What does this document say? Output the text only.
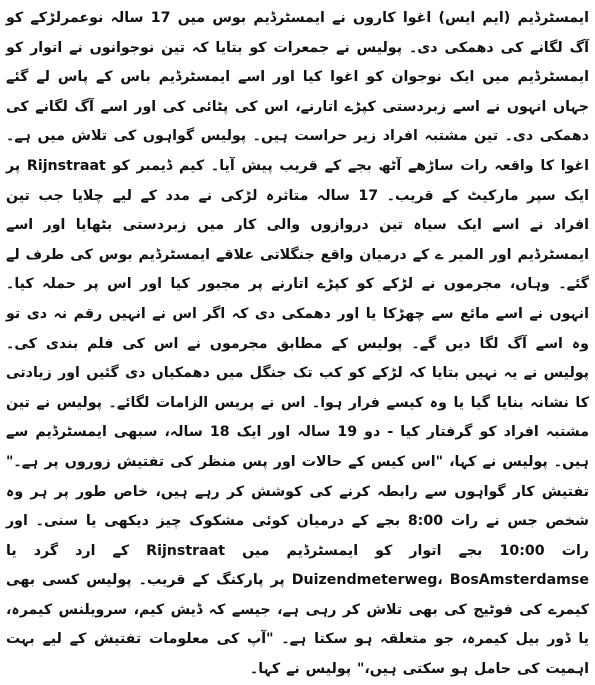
ایمسٹرڈیم (ایم ایس) اغوا کاروں نے ایمسٹرڈیم بوس میں 17 سالہ نوعمرلڑکے کو آگ لگانے کی دھمکی دی۔ پولیس نے جمعرات کو بتایا کہ تین نوجوانوں نے اتوار کو ایمسٹرڈیم میں ایک نوجوان کو اغوا کیا اور اسے ایمسٹرڈیم باس کے پاس لے گئے جہاں انہوں نے اسے زبردستی کپڑے اتارنے، اس کی پٹائی کی اور اسے آگ لگانے کی دھمکی دی۔ تین مشتبہ افراد زیر حراست ہیں۔ پولیس گواہوں کی تلاش میں ہے۔ اغوا کا واقعہ رات ساڑھے آٹھ بجے کے قریب پیش آیا۔ کیم ڈیمبر کو Rijnstraat پر ایک سپر مارکیٹ کے قریب۔ 17 سالہ متاثرہ لڑکی نے مدد کے لیے چلایا جب تین افراد نے اسے ایک سیاہ تین دروازوں والی کار میں زبردستی بٹھایا اور اسے ایمسٹرڈیم اور المیر ے کے درمیان واقع جنگلاتی علاقے ایمسٹرڈیم بوس کی طرف لے گئے۔ وہاں، مجرموں نے لڑکے کو کپڑے اتارنے پر مجبور کیا اور اس پر حملہ کیا۔ انہوں نے اسے مائع سے چھڑکا یا اور دھمکی دی کہ اگر اس نے انہیں رقم نہ دی تو وہ اسے آگ لگا دیں گے۔ پولیس کے مطابق مجرموں نے اس کی فلم بندی کی۔ پولیس نے یہ نہیں بتایا کہ لڑکے کو کب تک جنگل میں دھمکیاں دی گئیں اور زیادتی کا نشانہ بنایا گیا یا وہ کیسے فرار ہوا۔ اس نے پریس الزامات لگائے۔ پولیس نے تین مشتبہ افراد کو گرفتار کیا - دو 19 سالہ اور ایک 18 سالہ، سبھی ایمسٹرڈیم سے ہیں۔ پولیس نے کہا، "اس کیس کے حالات اور پس منظر کی تفتیش زوروں پر ہے۔" تفتیش کار گواہوں سے رابطہ کرنے کی کوشش کر رہے ہیں، خاص طور پر ہر وہ شخص جس نے رات 8:00 بجے کے درمیان کوئی مشکوک چیز دیکھی یا سنی۔ اور رات 10:00 بجے اتوار کو ایمسٹرڈیم میں Rijnstraat کے ارد گرد یا Duizendmeterweg، BosAmsterdamse پر پارکنگ کے قریب۔ پولیس کسی بھی کیمرے کی فوٹیج کی بھی تلاش کر رہی ہے، جیسے کہ ڈیش کیم، سرویلنس کیمرہ، یا ڈور بیل کیمرہ، جو متعلقہ ہو سکتا ہے۔ "آپ کی معلومات تفتیش کے لیے بہت اہمیت کی حامل ہو سکتی ہیں،" پولیس نے کہا۔
